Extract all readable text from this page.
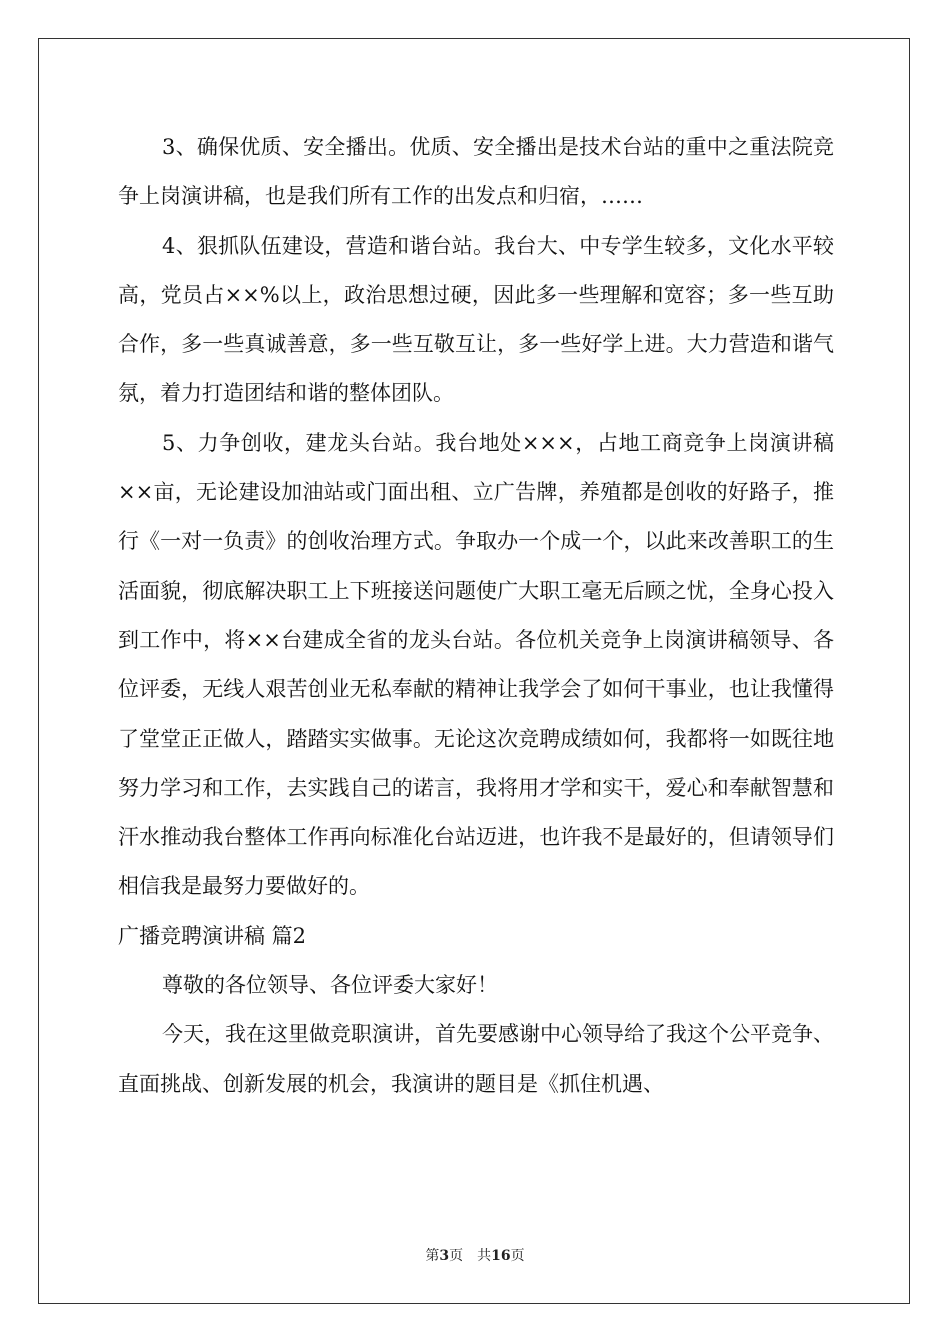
3、确保优质、安全播出。优质、安全播出是技术台站的重中之重法院竞争上岗演讲稿，也是我们所有工作的出发点和归宿，……

4、狠抓队伍建设，营造和谐台站。我台大、中专学生较多，文化水平较高，党员占××%以上，政治思想过硬，因此多一些理解和宽容；多一些互助合作，多一些真诚善意，多一些互敬互让，多一些好学上进。大力营造和谐气氛，着力打造团结和谐的整体团队。

5、力争创收，建龙头台站。我台地处×××，占地工商竞争上岗演讲稿 ××亩，无论建设加油站或门面出租、立广告牌，养殖都是创收的好路子，推行《一对一负责》的创收治理方式。争取办一个成一个，以此来改善职工的生活面貌，彻底解决职工上下班接送问题使广大职工毫无后顾之忧，全身心投入到工作中，将××台建成全省的龙头台站。各位机关竞争上岗演讲稿领导、各位评委，无线人艰苦创业无私奉献的精神让我学会了如何干事业，也让我懂得了堂堂正正做人，踏踏实实做事。无论这次竞聘成绩如何，我都将一如既往地努力学习和工作，去实践自己的诺言，我将用才学和实干，爱心和奉献智慧和汗水推动我台整体工作再向标准化台站迈进，也许我不是最好的，但请领导们相信我是最努力要做好的。

广播竞聘演讲稿 篇2

尊敬的各位领导、各位评委大家好！

今天，我在这里做竞职演讲，首先要感谢中心领导给了我这个公平竞争、直面挑战、创新发展的机会，我演讲的题目是《抓住机遇、

第3页　共16页
